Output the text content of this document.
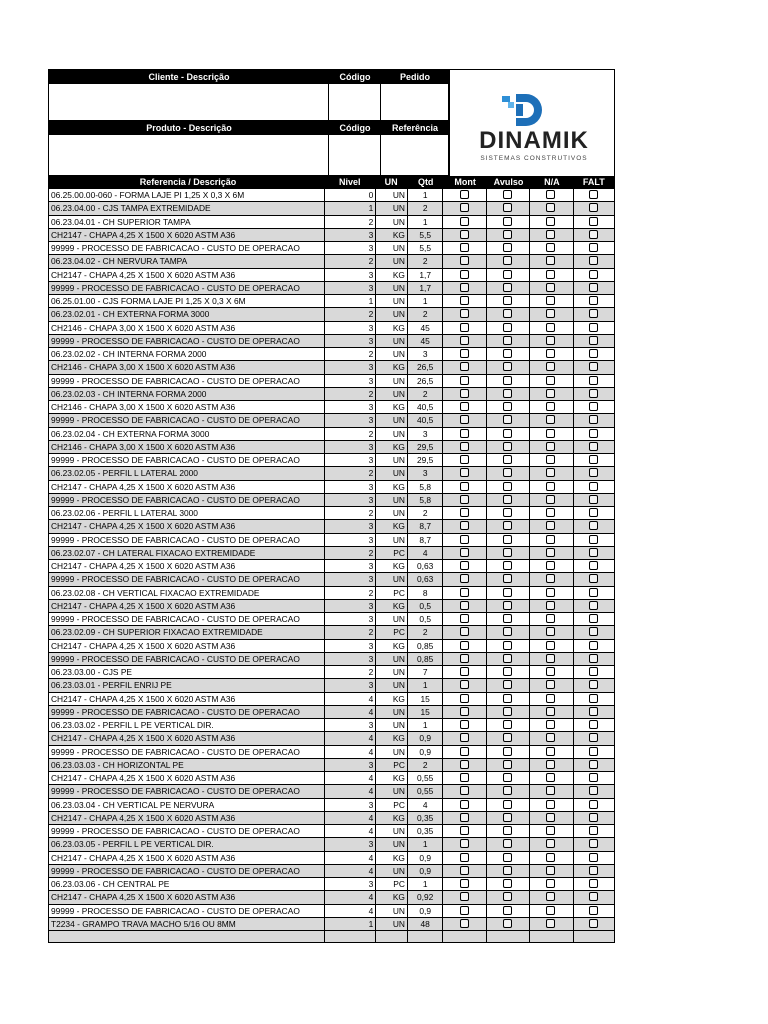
Cliente - Descrição	Código	Pedido
Produto - Descrição	Código	Referência	DINAMIK
SISTEMAS CONSTRUTIVOS
Referencia / Descrição	Nivel	UN	Qtd	Mont	Avulso	N/A	FALT
06.25.00.00-060 - FORMA LAJE PI 1,25 X 0,3 X 6M	0	UN	1
06.23.04.00 - CJS TAMPA EXTREMIDADE	1	UN	2
06.23.04.01 - CH SUPERIOR TAMPA	2	UN	1
CH2147 - CHAPA 4,25 X 1500 X 6020 ASTM A36	3	KG	5,5
99999 - PROCESSO DE FABRICACAO - CUSTO DE OPERACAO	3	UN	5,5
06.23.04.02 - CH NERVURA TAMPA	2	UN	2
CH2147 - CHAPA 4,25 X 1500 X 6020 ASTM A36	3	KG	1,7
99999 - PROCESSO DE FABRICACAO - CUSTO DE OPERACAO	3	UN	1,7
06.25.01.00 - CJS FORMA LAJE PI 1,25 X 0,3 X 6M	1	UN	1
06.23.02.01 - CH EXTERNA FORMA 3000	2	UN	2
CH2146 - CHAPA 3,00 X 1500 X 6020 ASTM A36	3	KG	45
99999 - PROCESSO DE FABRICACAO - CUSTO DE OPERACAO	3	UN	45
06.23.02.02 - CH INTERNA FORMA 2000	2	UN	3
CH2146 - CHAPA 3,00 X 1500 X 6020 ASTM A36	3	KG	26,5
99999 - PROCESSO DE FABRICACAO - CUSTO DE OPERACAO	3	UN	26,5
06.23.02.03 - CH INTERNA FORMA 2000	2	UN	2
CH2146 - CHAPA 3,00 X 1500 X 6020 ASTM A36	3	KG	40,5
99999 - PROCESSO DE FABRICACAO - CUSTO DE OPERACAO	3	UN	40,5
06.23.02.04 - CH EXTERNA FORMA 3000	2	UN	3
CH2146 - CHAPA 3,00 X 1500 X 6020 ASTM A36	3	KG	29,5
99999 - PROCESSO DE FABRICACAO - CUSTO DE OPERACAO	3	UN	29,5
06.23.02.05 - PERFIL L LATERAL 2000	2	UN	3
CH2147 - CHAPA 4,25 X 1500 X 6020 ASTM A36	3	KG	5,8
99999 - PROCESSO DE FABRICACAO - CUSTO DE OPERACAO	3	UN	5,8
06.23.02.06 - PERFIL L LATERAL 3000	2	UN	2
CH2147 - CHAPA 4,25 X 1500 X 6020 ASTM A36	3	KG	8,7
99999 - PROCESSO DE FABRICACAO - CUSTO DE OPERACAO	3	UN	8,7
06.23.02.07 - CH LATERAL FIXACAO EXTREMIDADE	2	PC	4
CH2147 - CHAPA 4,25 X 1500 X 6020 ASTM A36	3	KG	0,63
99999 - PROCESSO DE FABRICACAO - CUSTO DE OPERACAO	3	UN	0,63
06.23.02.08 - CH VERTICAL FIXACAO EXTREMIDADE	2	PC	8
CH2147 - CHAPA 4,25 X 1500 X 6020 ASTM A36	3	KG	0,5
99999 - PROCESSO DE FABRICACAO - CUSTO DE OPERACAO	3	UN	0,5
06.23.02.09 - CH SUPERIOR FIXACAO EXTREMIDADE	2	PC	2
CH2147 - CHAPA 4,25 X 1500 X 6020 ASTM A36	3	KG	0,85
99999 - PROCESSO DE FABRICACAO - CUSTO DE OPERACAO	3	UN	0,85
06.23.03.00 - CJS PE	2	UN	7
06.23.03.01 - PERFIL ENRIJ PE	3	UN	1
CH2147 - CHAPA 4,25 X 1500 X 6020 ASTM A36	4	KG	15
99999 - PROCESSO DE FABRICACAO - CUSTO DE OPERACAO	4	UN	15
06.23.03.02 - PERFIL L PE VERTICAL DIR.	3	UN	1
CH2147 - CHAPA 4,25 X 1500 X 6020 ASTM A36	4	KG	0,9
99999 - PROCESSO DE FABRICACAO - CUSTO DE OPERACAO	4	UN	0,9
06.23.03.03 - CH HORIZONTAL PE	3	PC	2
CH2147 - CHAPA 4,25 X 1500 X 6020 ASTM A36	4	KG	0,55
99999 - PROCESSO DE FABRICACAO - CUSTO DE OPERACAO	4	UN	0,55
06.23.03.04 - CH VERTICAL PE NERVURA	3	PC	4
CH2147 - CHAPA 4,25 X 1500 X 6020 ASTM A36	4	KG	0,35
99999 - PROCESSO DE FABRICACAO - CUSTO DE OPERACAO	4	UN	0,35
06.23.03.05 - PERFIL L PE VERTICAL DIR.	3	UN	1
CH2147 - CHAPA 4,25 X 1500 X 6020 ASTM A36	4	KG	0,9
99999 - PROCESSO DE FABRICACAO - CUSTO DE OPERACAO	4	UN	0,9
06.23.03.06 - CH CENTRAL PE	3	PC	1
CH2147 - CHAPA 4,25 X 1500 X 6020 ASTM A36	4	KG	0,92
99999 - PROCESSO DE FABRICACAO - CUSTO DE OPERACAO	4	UN	0,9
T2234 - GRAMPO TRAVA MACHO 5/16 OU 8MM	1	UN	48
